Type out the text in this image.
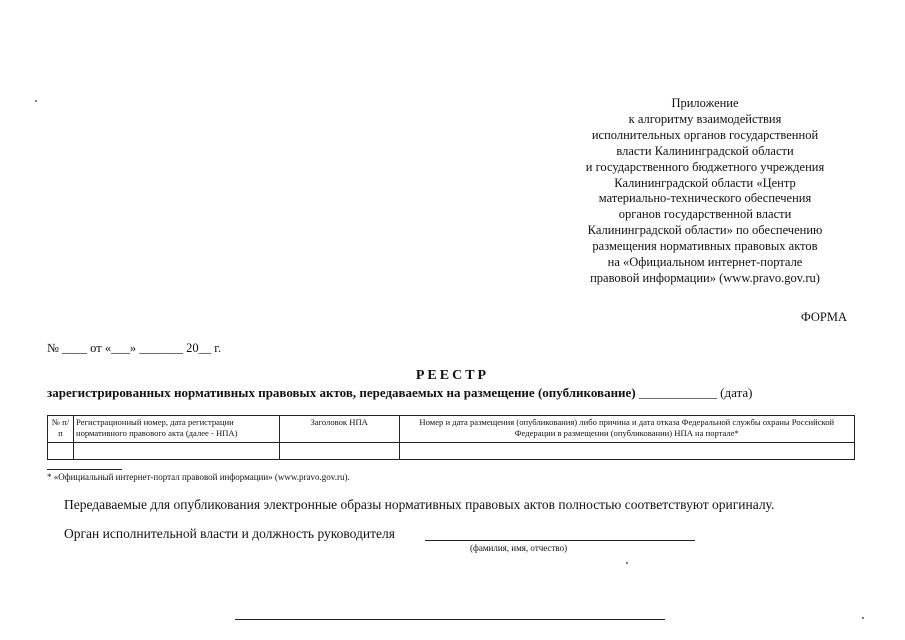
Приложение
к алгоритму взаимодействия
исполнительных органов государственной
власти Калининградской области
и государственного бюджетного учреждения
Калининградской области «Центр
материально-технического обеспечения
органов государственной власти
Калининградской области» по обеспечению
размещения нормативных правовых актов
на «Официальном интернет-портале
правовой информации» (www.pravo.gov.ru)
ФОРМА
№ ____ от «___» _______ 20__ г.
РЕЕСТР
зарегистрированных нормативных правовых актов, передаваемых на размещение (опубликование) ____________ (дата)
№ п/п	Регистрационный номер, дата регистрации нормативного правового акта (далее - НПА)	Заголовок НПА	Номер и дата размещения (опубликования) либо причина и дата отказа Федеральной службы охраны Российской Федерации в размещении (опубликовании) НПА на портале*

* «Официальный интернет-портал правовой информации» (www.pravo.gov.ru).
Передаваемые для опубликования электронные образы нормативных правовых актов полностью соответствуют оригиналу.
Орган исполнительной власти и должность руководителя
(фамилия, имя, отчество)
